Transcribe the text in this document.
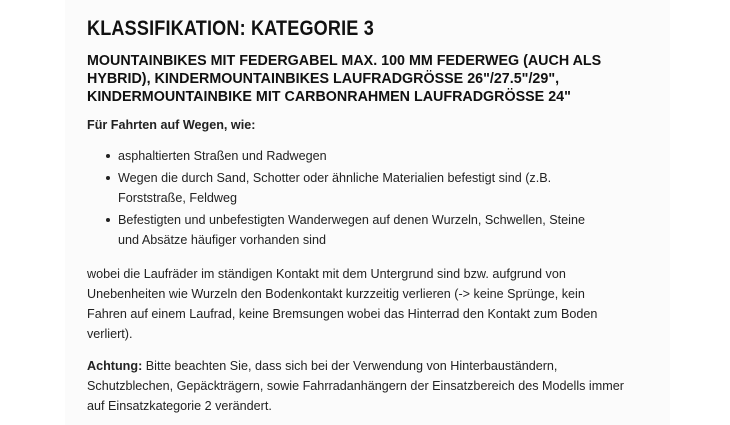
KLASSIFIKATION: KATEGORIE 3
MOUNTAINBIKES MIT FEDERGABEL MAX. 100 MM FEDERWEG (AUCH ALS HYBRID), KINDERMOUNTAINBIKES LAUFRADGRÖSSE 26"/27.5"/29", KINDERMOUNTAINBIKE MIT CARBONRAHMEN LAUFRADGRÖSSE 24"
Für Fahrten auf Wegen, wie:
asphaltierten Straßen und Radwegen
Wegen die durch Sand, Schotter oder ähnliche Materialien befestigt sind (z.B. Forststraße, Feldweg
Befestigten und unbefestigten Wanderwegen auf denen Wurzeln, Schwellen, Steine und Absätze häufiger vorhanden sind

wobei die Laufräder im ständigen Kontakt mit dem Untergrund sind bzw. aufgrund von Unebenheiten wie Wurzeln den Bodenkontakt kurzzeitig verlieren (-> keine Sprünge, kein Fahren auf einem Laufrad, keine Bremsungen wobei das Hinterrad den Kontakt zum Boden verliert).

Achtung: Bitte beachten Sie, dass sich bei der Verwendung von Hinterbauständern, Schutzblechen, Gepäckträgern, sowie Fahrradanhängern der Einsatzbereich des Modells immer auf Einsatzkategorie 2 verändert.
